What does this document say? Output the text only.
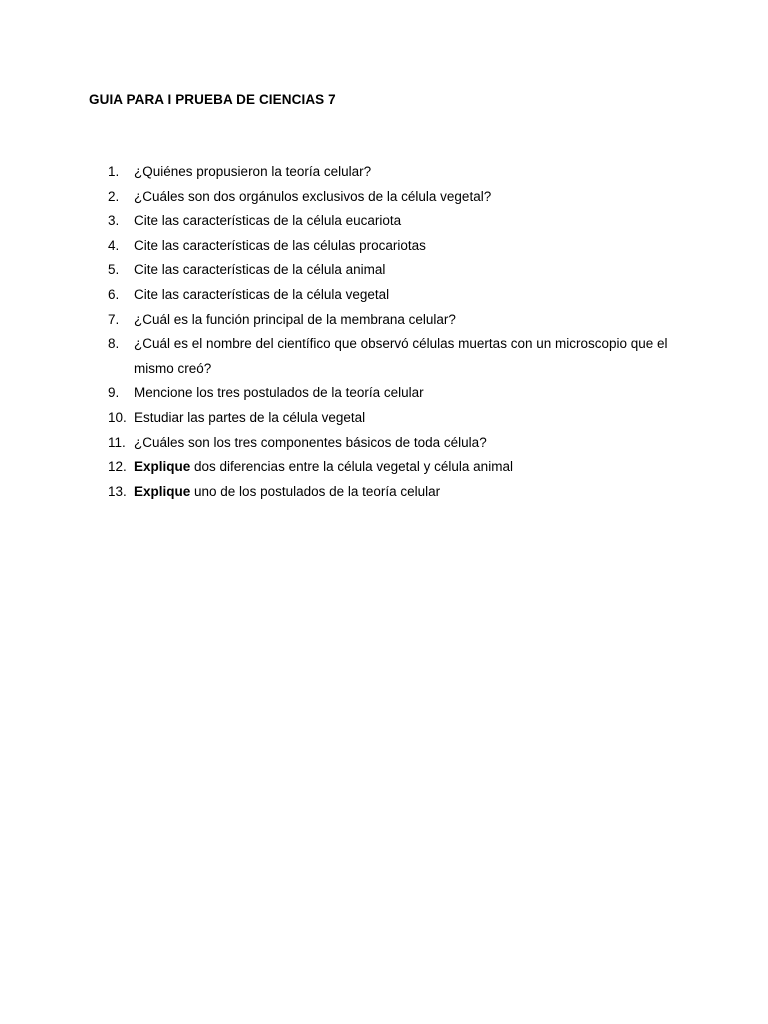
GUIA PARA I PRUEBA DE CIENCIAS 7
1. ¿Quiénes propusieron la teoría celular?
2. ¿Cuáles son dos orgánulos exclusivos de la célula vegetal?
3. Cite las características de la célula eucariota
4. Cite las características de las células procariotas
5. Cite las características de la célula animal
6. Cite las características de la célula vegetal
7. ¿Cuál es la función principal de la membrana celular?
8. ¿Cuál es el nombre del científico que observó células muertas con un microscopio que el mismo creó?
9. Mencione los tres postulados de la teoría celular
10. Estudiar las partes de la célula vegetal
11. ¿Cuáles son los tres componentes básicos de toda célula?
12. Explique dos diferencias entre la célula vegetal y célula animal
13. Explique uno de los postulados de la teoría celular
